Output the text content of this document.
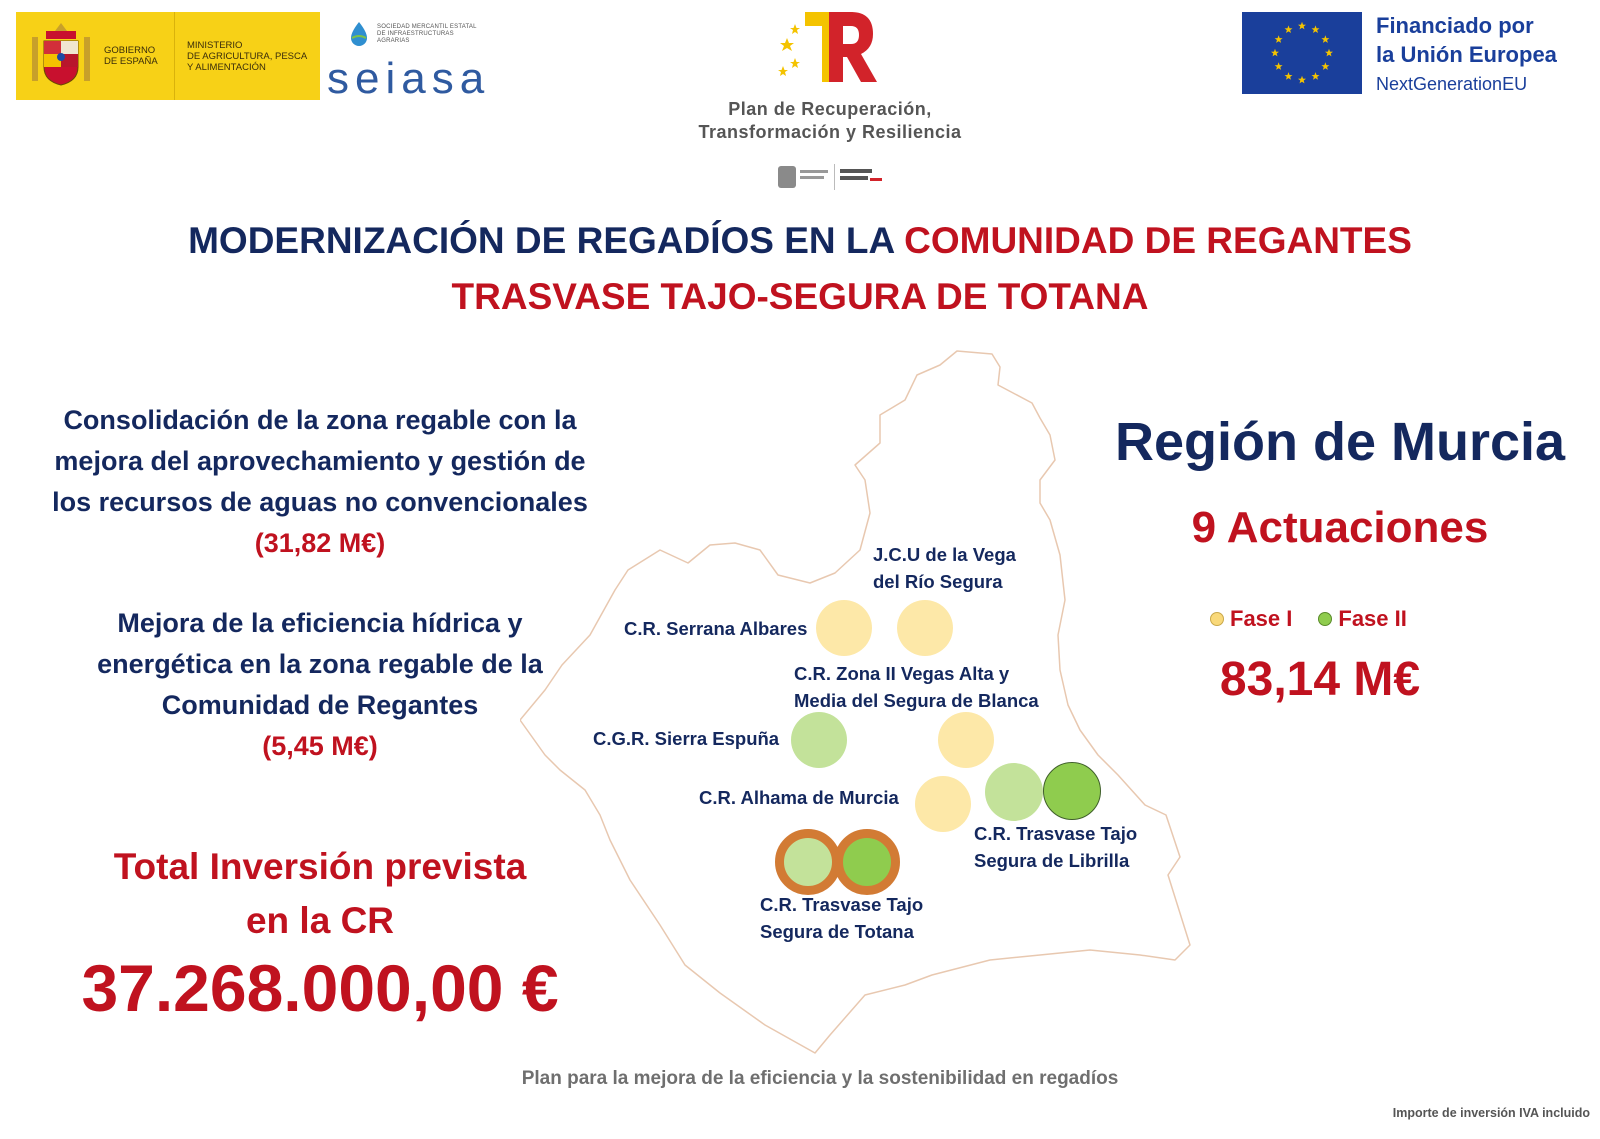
GOBIERNO
DE ESPAÑA
MINISTERIO
DE AGRICULTURA, PESCA
Y ALIMENTACIÓN
SOCIEDAD MERCANTIL ESTATAL
DE INFRAESTRUCTURAS AGRARIAS
seiasa
Plan de Recuperación,
Transformación y Resiliencia
Financiado por
la Unión Europea
NextGenerationEU
MODERNIZACIÓN DE REGADÍOS EN LA COMUNIDAD DE REGANTES
TRASVASE TAJO-SEGURA DE TOTANA
J.C.U de la Vega
del Río Segura
C.R. Serrana Albares
C.R. Zona II Vegas Alta y
Media del Segura de Blanca
C.G.R. Sierra Espuña
C.R. Alhama de Murcia
C.R. Trasvase Tajo
Segura de Librilla
C.R. Trasvase Tajo
Segura de Totana
Consolidación de la zona regable con la
mejora del aprovechamiento y gestión de
los recursos de aguas no convencionales
(31,82 M€)
Mejora de la eficiencia hídrica y
energética en la zona regable de la
Comunidad de Regantes
(5,45 M€)
Total Inversión prevista
en la CR
37.268.000,00 €
Región de Murcia
9 Actuaciones
Fase I Fase II
83,14 M€
Plan para la mejora de la eficiencia y la sostenibilidad en regadíos
Importe de inversión IVA incluido
